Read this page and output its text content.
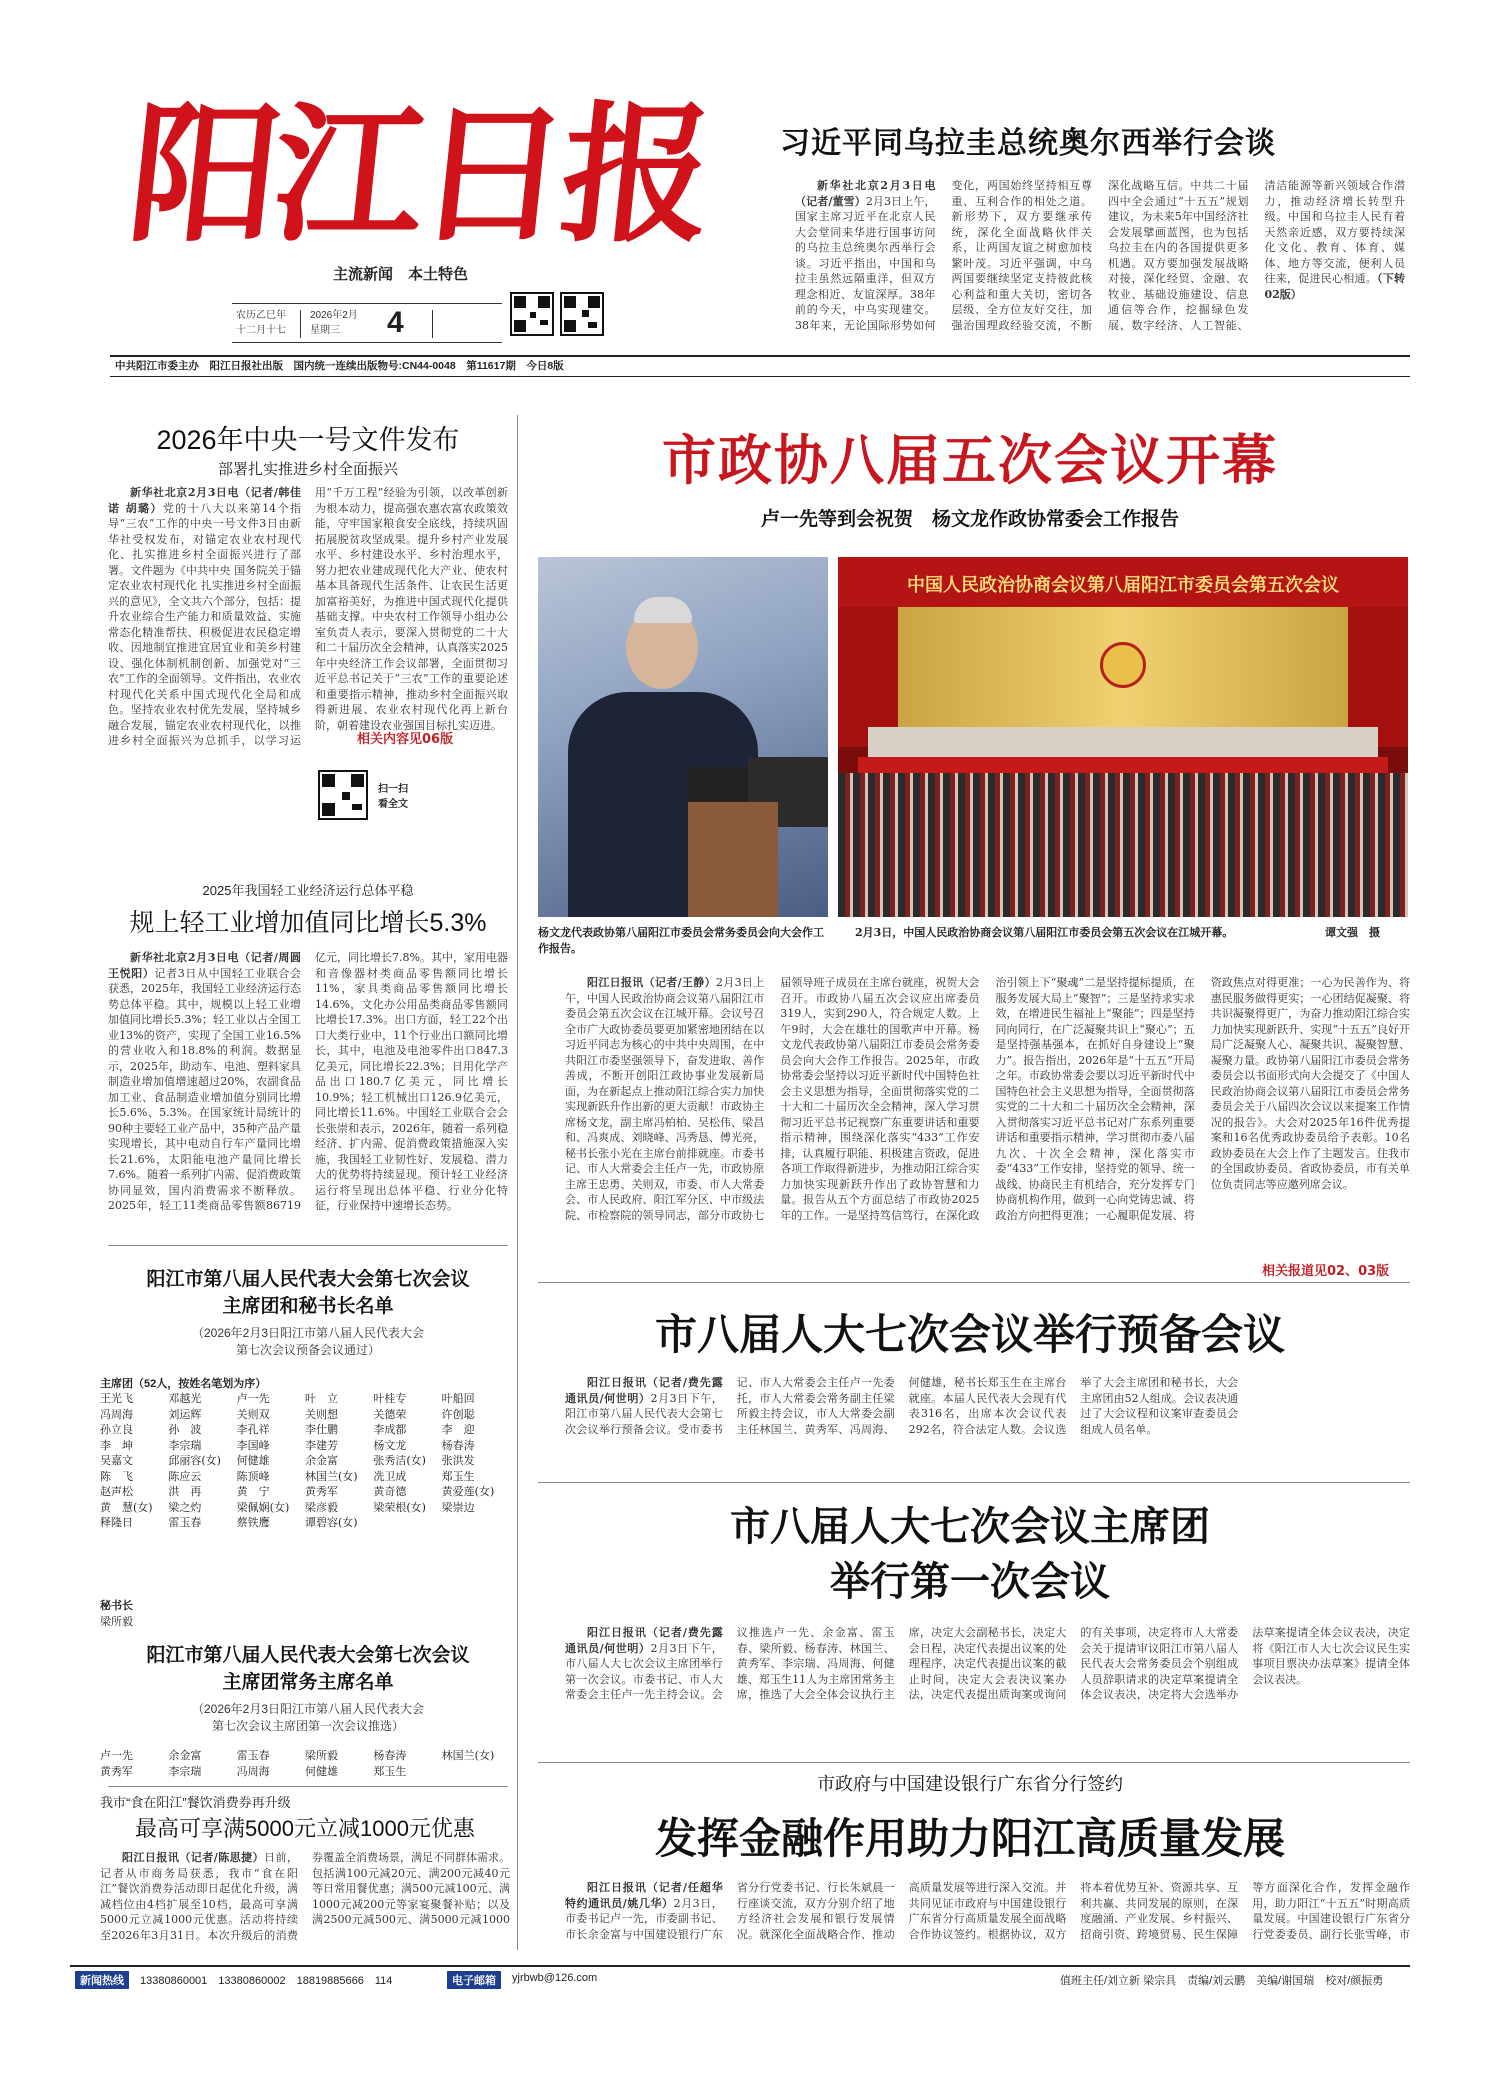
阳江日报
主流新闻　本土特色
农历乙巳年
十二月十七
2026年2月
星期三	4
中共阳江市委主办　阳江日报社出版　国内统一连续出版物号:CN44-0048　第11617期　今日8版
习近平同乌拉圭总统奥尔西举行会谈

新华社北京2月3日电（记者/董雪）2月3日上午，国家主席习近平在北京人民大会堂同来华进行国事访问的乌拉圭总统奥尔西举行会谈。习近平指出，中国和乌拉圭虽然远隔重洋，但双方理念相近、友谊深厚。38年前的今天，中乌实现建交。38年来，无论国际形势如何变化，两国始终坚持相互尊重、互利合作的相处之道。新形势下，双方要继承传统，深化全面战略伙伴关系，让两国友谊之树愈加枝繁叶茂。习近平强调，中乌两国要继续坚定支持彼此核心利益和重大关切，密切各层级、全方位友好交往，加强治国理政经验交流，不断深化战略互信。中共二十届四中全会通过“十五五”规划建议，为未来5年中国经济社会发展擘画蓝图，也为包括乌拉圭在内的各国提供更多机遇。双方要加强发展战略对接，深化经贸、金融、农牧业、基础设施建设、信息通信等合作，挖掘绿色发展、数字经济、人工智能、清洁能源等新兴领域合作潜力，推动经济增长转型升级。中国和乌拉圭人民有着天然亲近感，双方要持续深化文化、教育、体育、媒体、地方等交流，便利人员往来，促进民心相通。（下转02版）

2026年中央一号文件发布
部署扎实推进乡村全面振兴

新华社北京2月3日电（记者/韩佳诺 胡璐）党的十八大以来第14个指导“三农”工作的中央一号文件3日由新华社受权发布，对锚定农业农村现代化、扎实推进乡村全面振兴进行了部署。文件题为《中共中央 国务院关于锚定农业农村现代化 扎实推进乡村全面振兴的意见》，全文共六个部分，包括：提升农业综合生产能力和质量效益、实施常态化精准帮扶、积极促进农民稳定增收、因地制宜推进宜居宜业和美乡村建设、强化体制机制创新、加强党对“三农”工作的全面领导。文件指出，农业农村现代化关系中国式现代化全局和成色。坚持农业农村优先发展，坚持城乡融合发展，锚定农业农村现代化，以推进乡村全面振兴为总抓手，以学习运用“千万工程”经验为引领，以改革创新为根本动力，提高强农惠农富农政策效能，守牢国家粮食安全底线，持续巩固拓展脱贫攻坚成果。提升乡村产业发展水平、乡村建设水平、乡村治理水平，努力把农业建成现代化大产业、使农村基本具备现代生活条件、让农民生活更加富裕美好，为推进中国式现代化提供基础支撑。中央农村工作领导小组办公室负责人表示，要深入贯彻党的二十大和二十届历次全会精神，认真落实2025年中央经济工作会议部署，全面贯彻习近平总书记关于“三农”工作的重要论述和重要指示精神，推动乡村全面振兴取得新进展、农业农村现代化再上新台阶，朝着建设农业强国目标扎实迈进。

相关内容见06版
扫一扫
看全文
2025年我国轻工业经济运行总体平稳
规上轻工业增加值同比增长5.3%

新华社北京2月3日电（记者/周圆 王悦阳）记者3日从中国轻工业联合会获悉，2025年，我国轻工业经济运行态势总体平稳。其中，规模以上轻工业增加值同比增长5.3%；轻工业以占全国工业13%的资产，实现了全国工业16.5%的营业收入和18.8%的利润。数据显示，2025年，助动车、电池、塑料家具制造业增加值增速超过20%，农副食品加工业、食品制造业增加值分别同比增长5.6%、5.3%。在国家统计局统计的90种主要轻工业产品中，35种产品产量实现增长，其中电动自行车产量同比增长21.6%，太阳能电池产量同比增长7.6%。随着一系列扩内需、促消费政策协同显效，国内消费需求不断释放。2025年，轻工11类商品零售额86719亿元，同比增长7.8%。其中，家用电器和音像器材类商品零售额同比增长11%，家具类商品零售额同比增长14.6%，文化办公用品类商品零售额同比增长17.3%。出口方面，轻工22个出口大类行业中，11个行业出口额同比增长，其中，电池及电池零件出口847.3亿美元，同比增长22.3%；日用化学产品出口180.7亿美元，同比增长10.9%；轻工机械出口126.9亿美元，同比增长11.6%。中国轻工业联合会会长张崇和表示，2026年，随着一系列稳经济、扩内需、促消费政策措施深入实施，我国轻工业韧性好、发展稳、潜力大的优势将持续显现。预计轻工业经济运行将呈现出总体平稳、行业分化特征，行业保持中速增长态势。

阳江市第八届人民代表大会第七次会议
主席团和秘书长名单
（2026年2月3日阳江市第八届人民代表大会
第七次会议预备会议通过）
主席团（52人，按姓名笔划为序）
王光飞	邓越光	卢一先	叶　立	叶桂专	叶船回
冯周海	刘运辉	关则双	关则想	关德荣	许创聪
孙立良	孙　波	李孔祥	李仕鹏	李成都	李　迎
李　坤	李宗瑞	李国峰	李建芳	杨文龙	杨春涛
吴嘉文	邱丽容(女)	何健雄	余金富	张秀洁(女)	张洪发
陈　飞	陈应云	陈顶峰	林国兰(女)	冼卫成	郑玉生
赵声松	洪　再	黄　宁	黄秀军	黄奇德	黄爱莲(女)
黄　慧(女)	梁之灼	梁佩娴(女)	梁彦毅	梁荣根(女)	梁崇边
释隆日	雷玉春	蔡铁鹰	谭碧容(女)
秘书长
梁所毅
阳江市第八届人民代表大会第七次会议
主席团常务主席名单
（2026年2月3日阳江市第八届人民代表大会
第七次会议主席团第一次会议推选）
卢一先	余金富	雷玉春	梁所毅	杨春涛	林国兰(女)
黄秀军	李宗瑞	冯周海	何健雄	郑玉生
我市“食在阳江”餐饮消费券再升级
最高可享满5000元立减1000元优惠

阳江日报讯（记者/陈思捷）日前，记者从市商务局获悉，我市“食在阳江”餐饮消费券活动即日起优化升级，满减档位由4档扩展至10档，最高可享满5000元立减1000元优惠。活动将持续至2026年3月31日。本次升级后的消费券覆盖全消费场景，满足不同群体需求。包括满100元减20元、满200元减40元等日常用餐优惠；满500元减100元、满1000元减200元等家宴聚餐补贴；以及满2500元减500元、满5000元减1000

市政协八届五次会议开幕
卢一先等到会祝贺　杨文龙作政协常委会工作报告
杨文龙代表政协第八届阳江市委员会常务委员会向大会作工作报告。
中国人民政治协商会议第八届阳江市委员会第五次会议
2月3日，中国人民政治协商会议第八届阳江市委员会第五次会议在江城开幕。	谭文强　摄

阳江日报讯（记者/王静）2月3日上午，中国人民政治协商会议第八届阳江市委员会第五次会议在江城开幕。会议号召全市广大政协委员要更加紧密地团结在以习近平同志为核心的中共中央周围，在中共阳江市委坚强领导下，奋发进取、善作善成，不断开创阳江政协事业发展新局面，为在新起点上推动阳江综合实力加快实现新跃升作出新的更大贡献！市政协主席杨文龙，副主席冯柏柏、吴松伟、梁昌和、冯爽成、刘晓峰、冯秀恳、傅光亮，秘书长张小光在主席台前排就座。市委书记、市人大常委会主任卢一先，市政协原主席王忠勇、关则双，市委、市人大常委会、市人民政府、阳江军分区、中市级法院、市检察院的领导同志，部分市政协七届领导班子成员在主席台就座，祝贺大会召开。市政协八届五次会议应出席委员319人，实到290人，符合规定人数。上午9时，大会在雄壮的国歌声中开幕。杨文龙代表政协第八届阳江市委员会常务委员会向大会作工作报告。2025年，市政协常委会坚持以习近平新时代中国特色社会主义思想为指导，全面贯彻落实党的二十大和二十届历次全会精神，深入学习贯彻习近平总书记视察广东重要讲话和重要指示精神，围绕深化落实“433”工作安排，认真履行职能、积极建言资政，促进各项工作取得新进步，为推动阳江综合实力加快实现新跃升作出了政协智慧和力量。报告从五个方面总结了市政协2025年的工作。一是坚持笃信笃行，在深化政治引领上下“聚魂”二是坚持提标提质，在服务发展大局上“聚智”；三是坚持求实求效，在增进民生福祉上“聚能”；四是坚持同向同行，在广泛凝聚共识上“聚心”；五是坚持强基强本，在抓好自身建设上“聚力”。报告指出，2026年是“十五五”开局之年。市政协常委会要以习近平新时代中国特色社会主义思想为指导，全面贯彻落实党的二十大和二十届历次全会精神，深入贯彻落实习近平总书记对广东系列重要讲话和重要指示精神，学习贯彻市委八届九次、十次全会精神，深化落实市委“433”工作安排，坚持党的领导、统一战线、协商民主有机结合，充分发挥专门协商机构作用，做到一心向党铸忠诚、将政治方向把得更准；一心履职促发展、将资政焦点对得更准；一心为民善作为、将惠民服务做得更实；一心团结促凝聚、将共识凝聚得更广，为奋力推动阳江综合实力加快实现新跃升、实现“十五五”良好开局广泛凝聚人心、凝聚共识、凝聚智慧、凝聚力量。政协第八届阳江市委员会常务委员会以书面形式向大会提交了《中国人民政治协商会议第八届阳江市委员会常务委员会关于八届四次会议以来提案工作情况的报告》。大会对2025年16件优秀提案和16名优秀政协委员给予表彰。10名政协委员在大会上作了主题发言。住我市的全国政协委员、省政协委员，市有关单位负责同志等应邀列席会议。

相关报道见02、03版
市八届人大七次会议举行预备会议

阳江日报讯（记者/费先露 通讯员/何世明）2月3日下午，阳江市第八届人民代表大会第七次会议举行预备会议。受市委书记、市人大常委会主任卢一先委托，市人大常委会常务副主任梁所毅主持会议，市人大常委会副主任林国兰、黄秀军、冯周海、何健雄，秘书长郑玉生在主席台就座。本届人民代表大会现有代表316名，出席本次会议代表292名，符合法定人数。会议选举了大会主席团和秘书长，大会主席团由52人组成。会议表决通过了大会议程和议案审查委员会组成人员名单。

市八届人大七次会议主席团
举行第一次会议

阳江日报讯（记者/费先露 通讯员/何世明）2月3日下午，市八届人大七次会议主席团举行第一次会议。市委书记、市人大常委会主任卢一先主持会议。会议推选卢一先、余金富、雷玉春、梁所毅、杨春涛、林国兰、黄秀军、李宗瑞、冯周海、何健雄、郑玉生11人为主席团常务主席，推选了大会全体会议执行主席，决定大会副秘书长，决定大会日程，决定代表提出议案的处理程序，决定代表提出议案的截止时间，决定大会表决议案办法，决定代表提出质询案或询问的有关事项，决定将市人大常委会关于提请审议阳江市第八届人民代表大会常务委员会个别组成人员辞职请求的决定草案提请全体会议表决，决定将大会选举办法草案提请全体会议表决，决定将《阳江市人大七次会议民生实事项目票决办法草案》提请全体会议表决。

市政府与中国建设银行广东省分行签约
发挥金融作用助力阳江高质量发展

阳江日报讯（记者/任超华 特约通讯员/姚几华）2月3日，市委书记卢一先，市委副书记、市长余金富与中国建设银行广东省分行党委书记、行长朱斌晨一行座谈交流，双方分别介绍了地方经济社会发展和银行发展情况。就深化全面战略合作、推动高质量发展等进行深入交流。并共同见证市政府与中国建设银行广东省分行高质量发展全面战略合作协议签约。根据协议，双方将本着优势互补、资源共享、互利共赢、共同发展的原则，在深度融涌、产业发展、乡村振兴、招商引资、跨境贸易、民生保障等方面深化合作，发挥金融作用，助力阳江“十五五”时期高质量发展。中国建设银行广东省分行党委委员、副行长张雪峰，市

新闻热线	13380860001　13380860002　18819885666　114	电子邮箱	yjrbwb@126.com	值班主任/刘立新 梁宗具　责编/刘云鹏　美编/谢国瑞　校对/颜振勇
